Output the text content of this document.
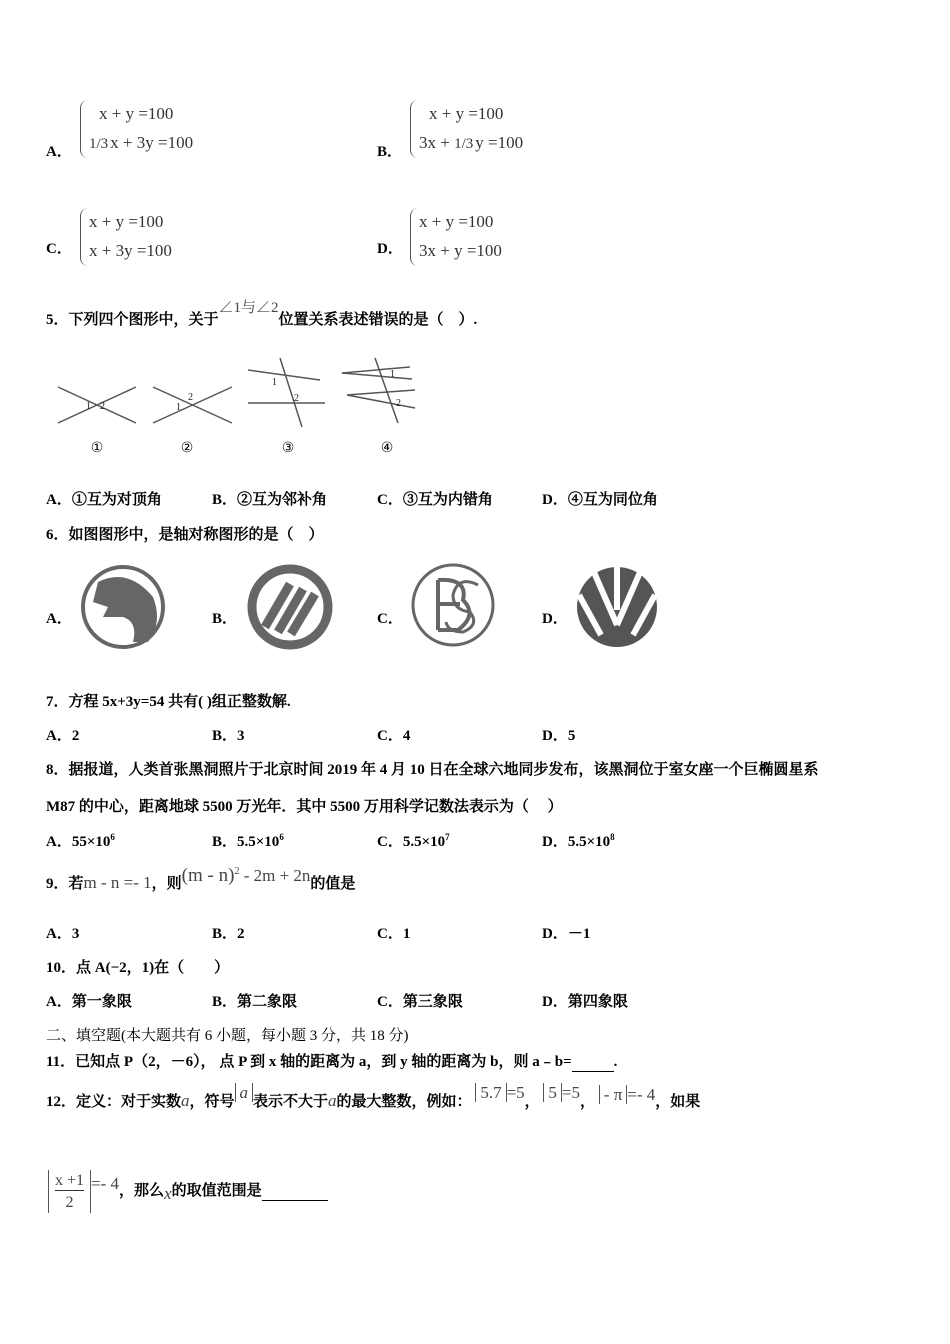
A．
x + y =100
1/3 x + 3y =100
B．
x + y =100
3x + 1/3 y =100
C．
x + y =100
x + 3y =100	D．
x + y =100
3x + y =100
5．下列四个图形中，关于∠1与∠2位置关系表述错误的是（　）.
1 2	1
2
1
2
1
2
①	②	③	④
A．①互为对顶角	B．②互为邻补角	C．③互为内错角	D．④互为同位角
6．如图图形中，是轴对称图形的是（　）
A．	B．	C．	D．
7．方程 5x+3y=54 共有( )组正整数解.
A．2	B．3	C．4	D．5
8．据报道，人类首张黑洞照片于北京时间 2019 年 4 月 10 日在全球六地同步发布，该黑洞位于室女座一个巨椭圆星系
M87 的中心，距离地球 5500 万光年．其中 5500 万用科学记数法表示为（　 ）
A．$55\times 10^6$	B．$5.5\times 10^6$	C．$5.5\times 10^7$	D．$5.5\times 10^8$
9．若m - n =- 1，则(m - n)$^2$ - 2m + 2n的值是
A．3	B．2	C．1	D．－1
10．点 A(−2，1)在（　　）
A．第一象限	B．第二象限	C．第三象限	D．第四象限
二、填空题(本大题共有 6 小题，每小题 3 分，共 18 分)
11．已知点 P（2，－6）， 点 P 到 x 轴的距离为 a，到 y 轴的距离为 b，则 a﹣b=	.
12．定义：对于实数a，符号 a 表示不大于a的最大整数，例如： 5.7 =5， 5 =5， - π =- 4，如果
$\frac{x +1}{2} =- 4$，那么x的取值范围是
